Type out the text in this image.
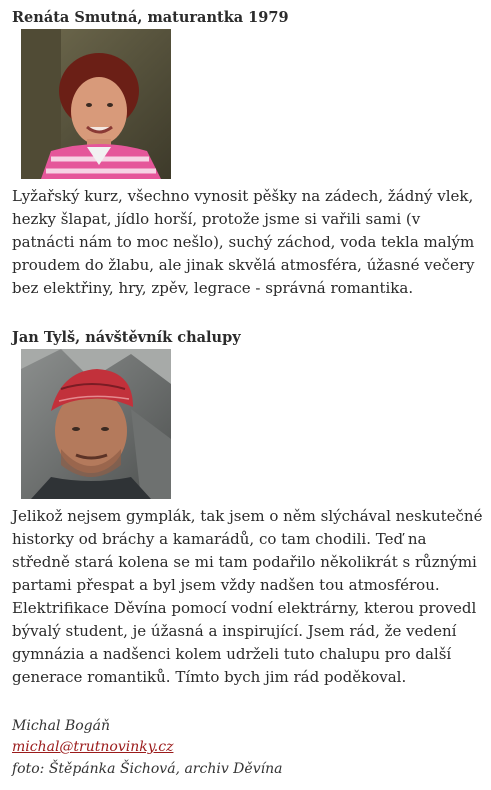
Renáta Smutná, maturantka 1979

Lyžařský kurz, všechno vynosit pěšky na zádech, žádný vlek, hezky šlapat, jídlo horší, protože jsme si vařili sami (v patnácti nám to moc nešlo), suchý záchod, voda tekla malým proudem do žlabu, ale jinak skvělá atmosféra, úžasné večery bez elektřiny, hry, zpěv, legrace - správná romantika.

Jan Tylš, návštěvník chalupy

Jelikož nejsem gymplák, tak jsem o něm slýchával neskutečné historky od bráchy a kamarádů, co tam chodili. Teď na středně stará kolena se mi tam podařilo několikrát s různými partami přespat a byl jsem vždy nadšen tou atmosférou. Elektrifikace Děvína pomocí vodní elektrárny, kterou provedl bývalý student, je úžasná a inspirující. Jsem rád, že vedení gymnázia a nadšenci kolem udrželi tuto chalupu pro další generace romantiků. Tímto bych jim rád poděkoval.

Michal Bogáň
michal@trutnovinky.cz
foto: Štěpánka Šichová, archiv Děvína
